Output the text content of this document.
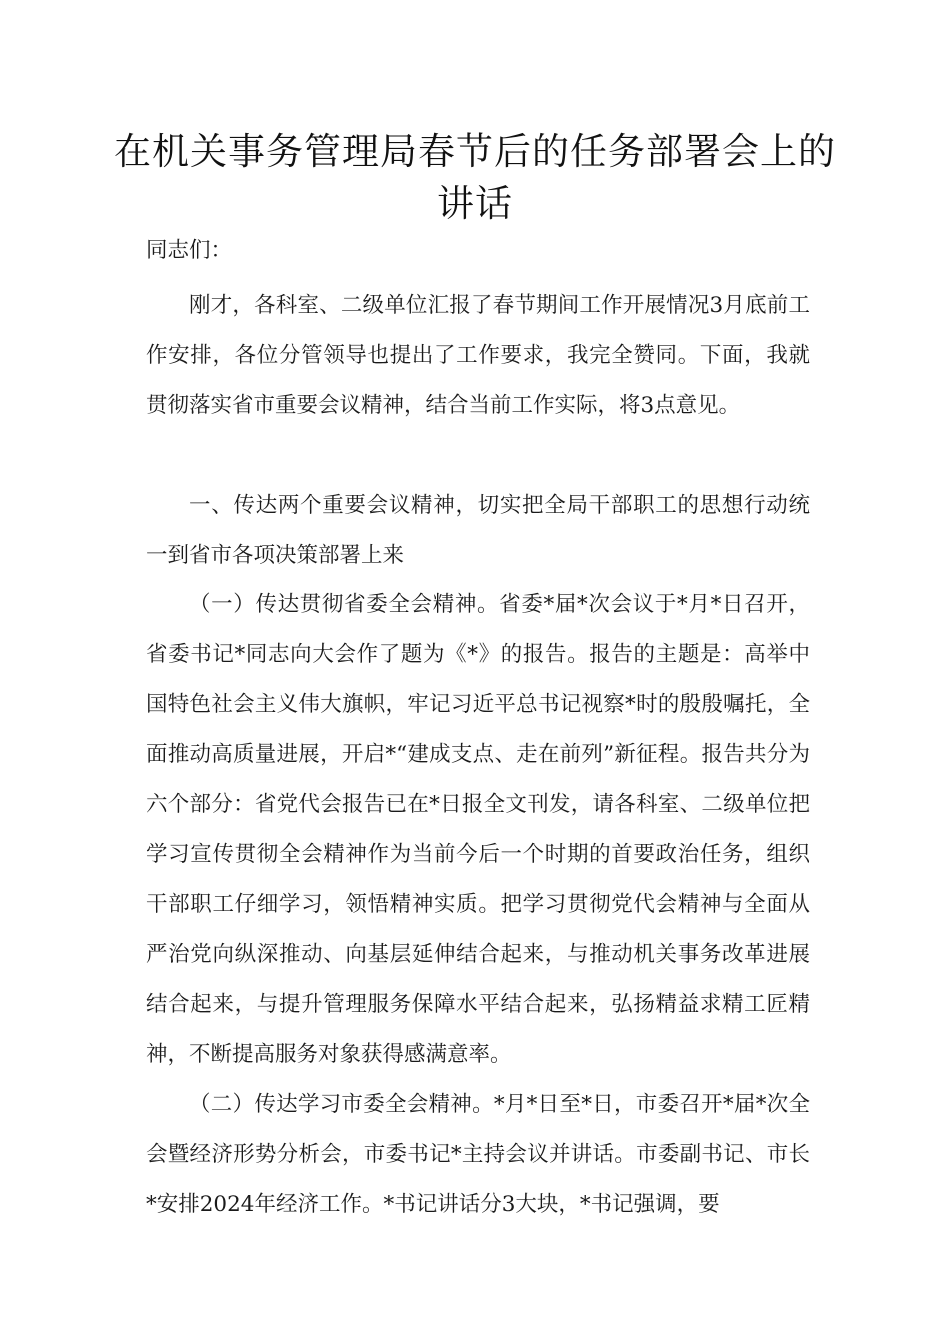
在机关事务管理局春节后的任务部署会上的讲话
同志们：
刚才，各科室、二级单位汇报了春节期间工作开展情况3月底前工作安排，各位分管领导也提出了工作要求，我完全赞同。下面，我就贯彻落实省市重要会议精神，结合当前工作实际，将3点意见。
一、传达两个重要会议精神，切实把全局干部职工的思想行动统一到省市各项决策部署上来
（一）传达贯彻省委全会精神。省委*届*次会议于*月*日召开，省委书记*同志向大会作了题为《*》的报告。报告的主题是：高举中国特色社会主义伟大旗帜，牢记习近平总书记视察*时的殷殷嘱托，全面推动高质量进展，开启*“建成支点、走在前列”新征程。报告共分为六个部分：省党代会报告已在*日报全文刊发，请各科室、二级单位把学习宣传贯彻全会精神作为当前今后一个时期的首要政治任务，组织干部职工仔细学习，领悟精神实质。把学习贯彻党代会精神与全面从严治党向纵深推动、向基层延伸结合起来，与推动机关事务改革进展结合起来，与提升管理服务保障水平结合起来，弘扬精益求精工匠精神，不断提高服务对象获得感满意率。
（二）传达学习市委全会精神。*月*日至*日，市委召开*届*次全会暨经济形势分析会，市委书记*主持会议并讲话。市委副书记、市长*安排2024年经济工作。*书记讲话分3大块，*书记强调，要
